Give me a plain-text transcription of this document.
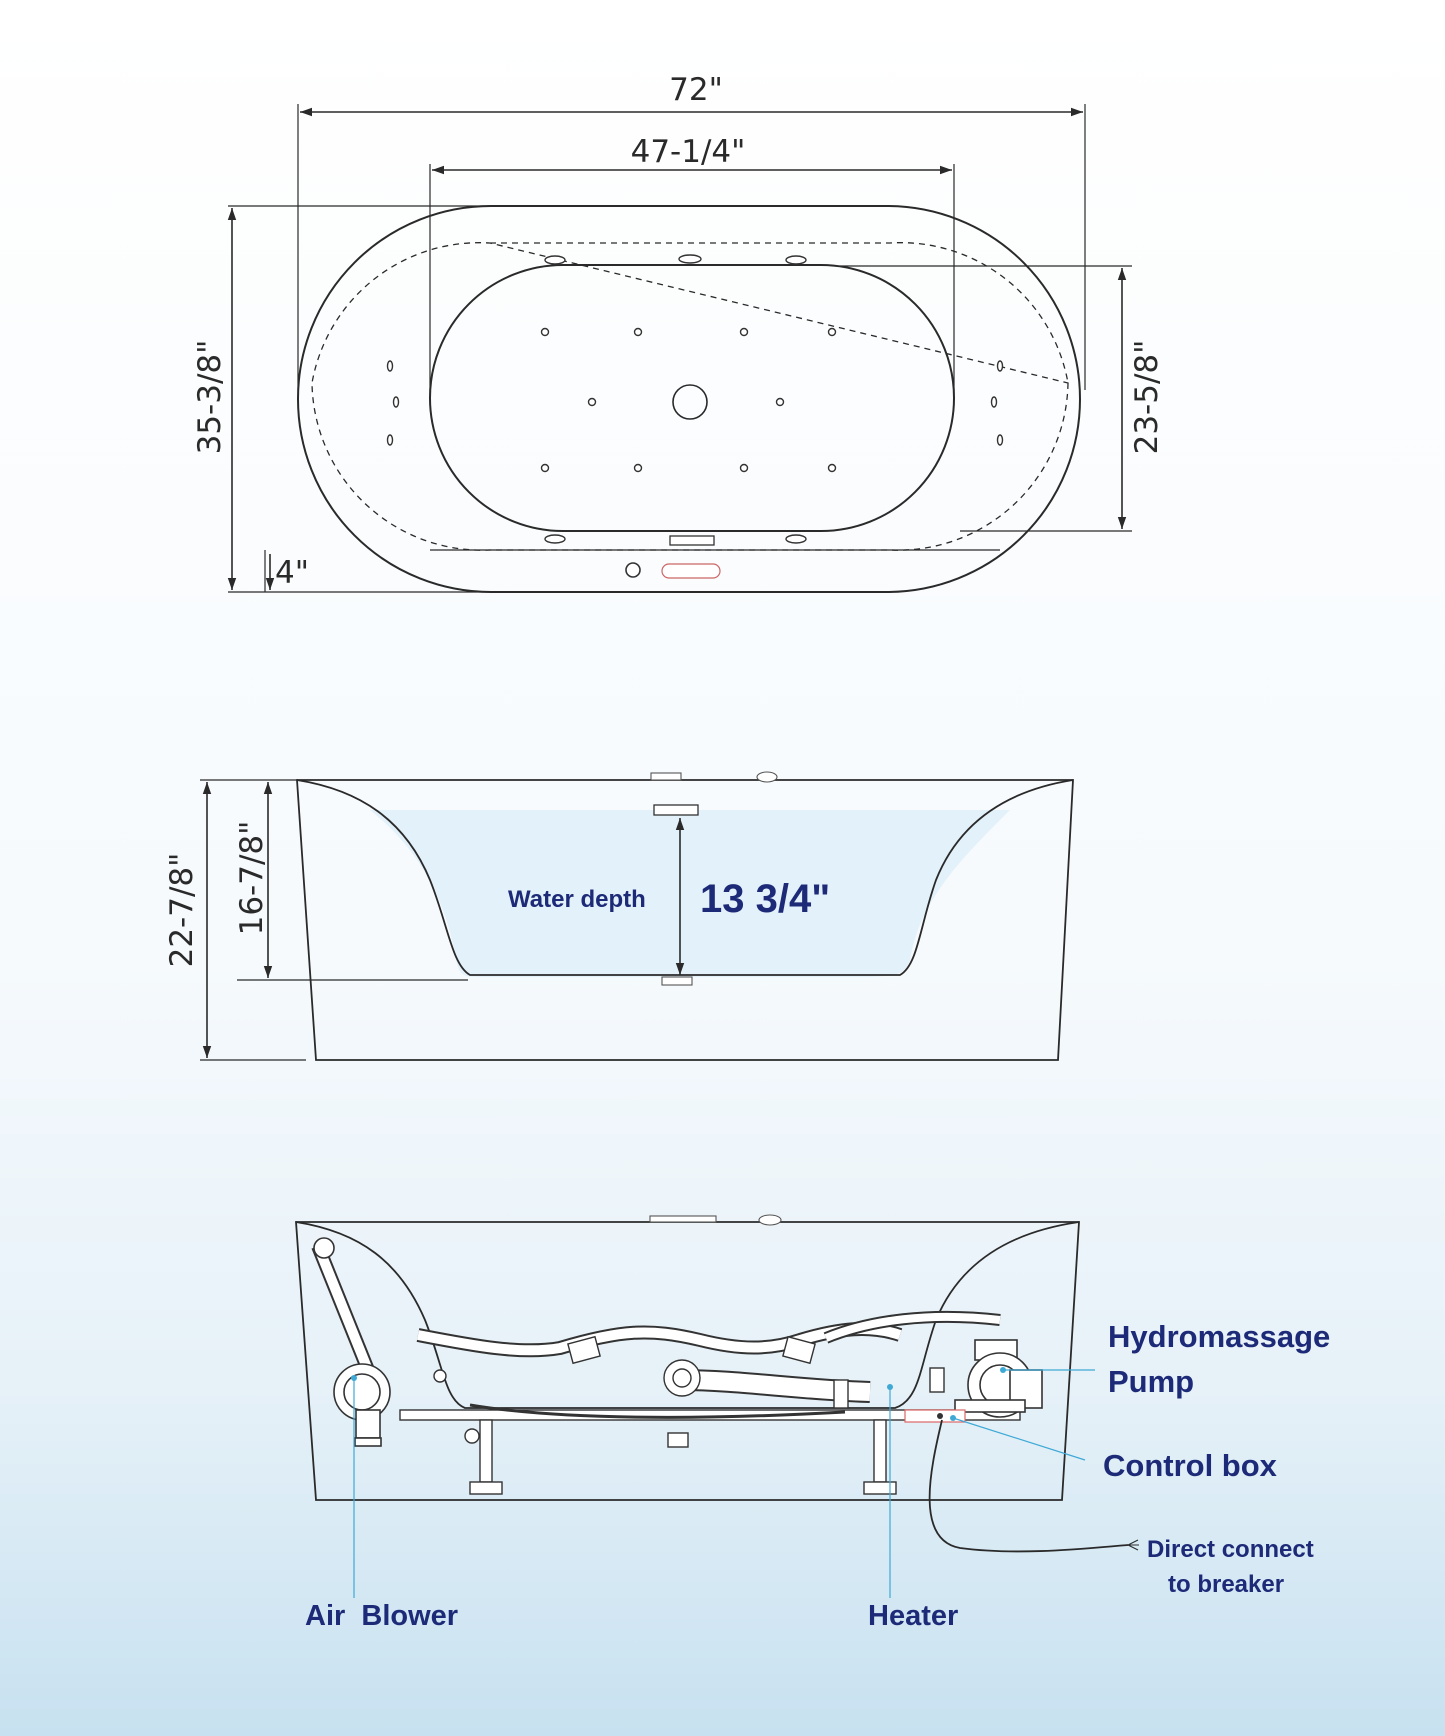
72"
47-1/4"
35-3/8"	23-5/8"
4"
22-7/8" 16-7/8"	Water depth 13 3/4"
Hydromassage
Pump
Control box
Direct connect
to breaker
Air  Blower	Heater
